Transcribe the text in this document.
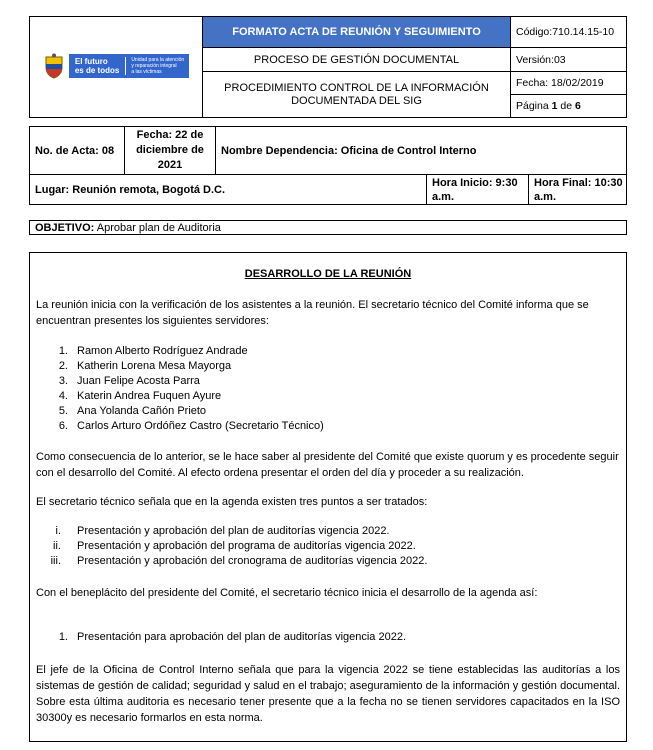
El futuro
es de todos
Unidad para la atención
y reparación integral
a las víctimas	FORMATO ACTA DE REUNIÓN Y SEGUIMIENTO	Código:710.14.15-10
	PROCESO DE GESTIÓN DOCUMENTAL	Versión:03
	PROCEDIMIENTO CONTROL DE LA INFORMACIÓN DOCUMENTADA DEL SIG	Fecha: 18/02/2019
		Página 1 de 6
No. de Acta: 08	Fecha: 22 de diciembre de 2021	Nombre Dependencia: Oficina de Control Interno		
Lugar: Reunión remota, Bogotá D.C.			Hora Inicio: 9:30 a.m.	Hora Final: 10:30 a.m.
OBJETIVO: Aprobar plan de Auditoria
DESARROLLO DE LA REUNIÓN
La reunión inicia con la verificación de los asistentes a la reunión. El secretario técnico del Comité informa que se encuentran presentes los siguientes servidores:
1. Ramon Alberto Rodríguez Andrade
2. Katherin Lorena Mesa Mayorga
3. Juan Felipe Acosta Parra
4. Katerin Andrea Fuquen Ayure
5. Ana Yolanda Cañón Prieto
6. Carlos Arturo Ordóñez Castro (Secretario Técnico)
Como consecuencia de lo anterior, se le hace saber al presidente del Comité que existe quorum y es procedente seguir con el desarrollo del Comité. Al efecto ordena presentar el orden del día y proceder a su realización.
El secretario técnico señala que en la agenda existen tres puntos a ser tratados:
i. Presentación y aprobación del plan de auditorías vigencia 2022.
ii. Presentación y aprobación del programa de auditorías vigencia 2022.
iii. Presentación y aprobación del cronograma de auditorías vigencia 2022.
Con el beneplácito del presidente del Comité, el secretario técnico inicia el desarrollo de la agenda así:
1. Presentación para aprobación del plan de auditorías vigencia 2022.
El jefe de la Oficina de Control Interno señala que para la vigencia 2022 se tiene establecidas las auditorías a los sistemas de gestión de calidad; seguridad y salud en el trabajo; aseguramiento de la información y gestión documental. Sobre esta última auditoria es necesario tener presente que a la fecha no se tienen servidores capacitados en la ISO 30300y es necesario formarlos en esta norma.
